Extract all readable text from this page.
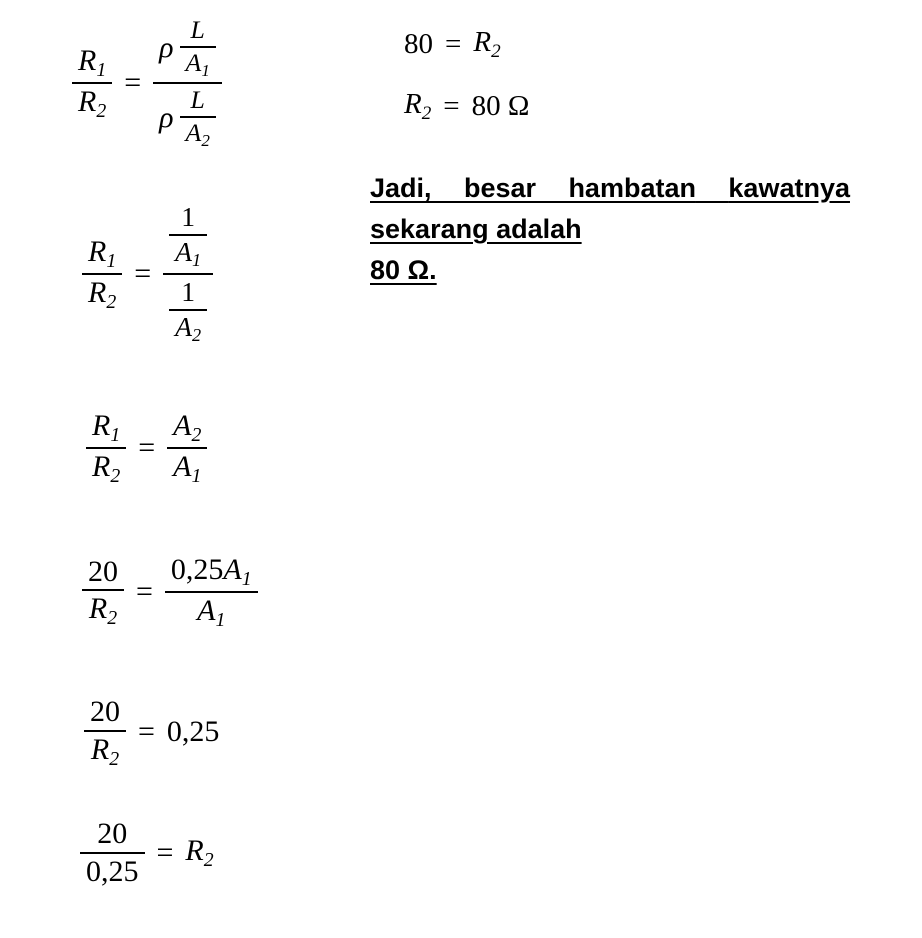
$\frac{R1}{R2} = \frac{\rho \frac{L}{A1}}{\rho \frac{L}{A2}}$
$\frac{R1}{R2} = \frac{\frac{1}{A1}}{\frac{1}{A2}}$
$\frac{R1}{R2} = \frac{A2}{A1}$
$\frac{20}{R2} = \frac{0,25A1}{A1}$
$\frac{20}{R2} = 0,25$
$\frac{20}{0,25} = R2$
80 = R2
R2 = 80 Ω
Jadi, besar hambatan kawatnya sekarang adalah
80 Ω.
